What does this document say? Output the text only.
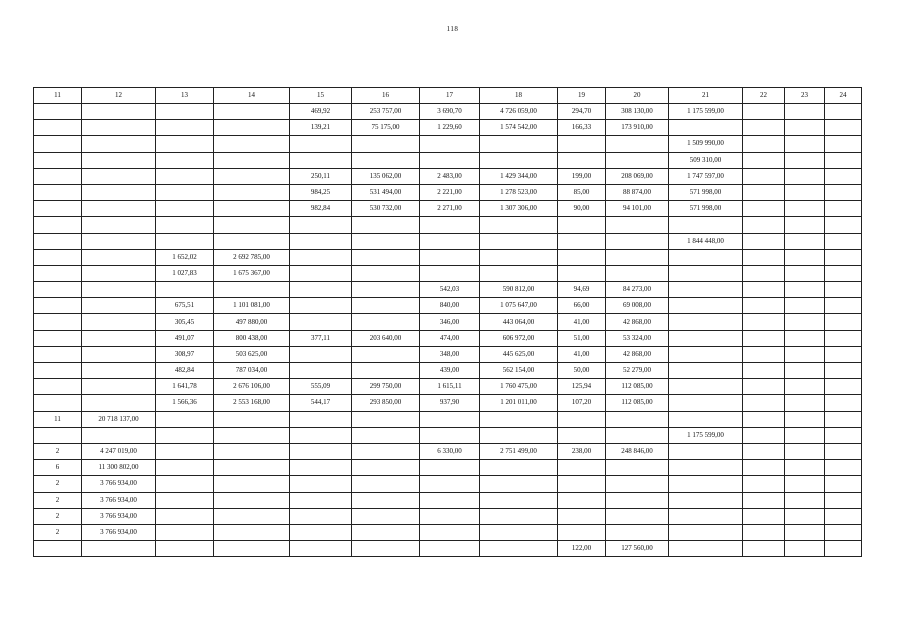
118
11	12	13	14	15	16	17	18	19	20	21	22	23	24
				469,92	253 757,00	3 690,70	4 726 059,00	294,70	308 130,00	1 175 599,00			
				139,21	75 175,00	1 229,60	1 574 542,00	166,33	173 910,00				
										1 509 990,00			
										509 310,00			
				250,11	135 062,00	2 483,00	1 429 344,00	199,00	208 069,00	1 747 597,00			
				984,25	531 494,00	2 221,00	1 278 523,00	85,00	88 874,00	571 998,00			
				982,84	530 732,00	2 271,00	1 307 306,00	90,00	94 101,00	571 998,00			

										1 844 448,00			
		1 652,02	2 692 785,00										
		1 027,83	1 675 367,00										
						542,03	590 812,00	94,69	84 273,00				
		675,51	1 101 081,00			840,00	1 075 647,00	66,00	69 008,00				
		305,45	497 880,00			346,00	443 064,00	41,00	42 868,00				
		491,07	800 438,00	377,11	203 640,00	474,00	606 972,00	51,00	53 324,00				
		308,97	503 625,00			348,00	445 625,00	41,00	42 868,00				
		482,84	787 034,00			439,00	562 154,00	50,00	52 279,00				
		1 641,78	2 676 106,00	555,09	299 750,00	1 615,11	1 760 475,00	125,94	112 085,00				
		1 566,36	2 553 168,00	544,17	293 850,00	937,90	1 201 011,00	107,20	112 085,00				
11	20 718 137,00												
										1 175 599,00			
2	4 247 019,00					6 330,00	2 751 499,00	238,00	248 846,00				
6	11 300 802,00												
2	3 766 934,00												
2	3 766 934,00												
2	3 766 934,00												
2	3 766 934,00												
								122,00	127 560,00				
